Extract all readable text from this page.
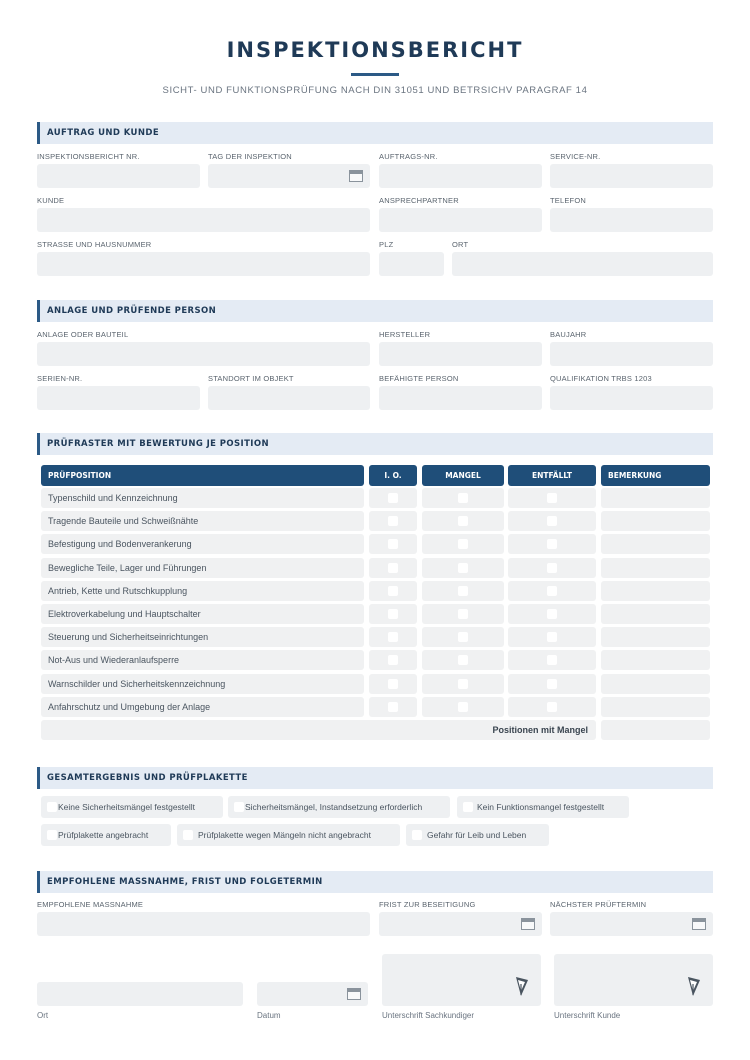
INSPEKTIONSBERICHT
SICHT- UND FUNKTIONSPRÜFUNG NACH DIN 31051 UND BETRSICHV PARAGRAF 14
AUFTRAG UND KUNDE
INSPEKTIONSBERICHT NR.	TAG DER INSPEKTION	AUFTRAGS-NR.	SERVICE-NR.
KUNDE	ANSPRECHPARTNER	TELEFON
STRASSE UND HAUSNUMMER	PLZ	ORT
ANLAGE UND PRÜFENDE PERSON
ANLAGE ODER BAUTEIL	HERSTELLER	BAUJAHR
SERIEN-NR.	STANDORT IM OBJEKT	BEFÄHIGTE PERSON	QUALIFIKATION TRBS 1203
PRÜFRASTER MIT BEWERTUNG JE POSITION
PRÜFPOSITION	I. O.	MANGEL	ENTFÄLLT	BEMERKUNG
Typenschild und Kennzeichnung
Tragende Bauteile und Schweißnähte
Befestigung und Bodenverankerung
Bewegliche Teile, Lager und Führungen
Antrieb, Kette und Rutschkupplung
Elektroverkabelung und Hauptschalter
Steuerung und Sicherheitseinrichtungen
Not-Aus und Wiederanlaufsperre
Warnschilder und Sicherheitskennzeichnung
Anfahrschutz und Umgebung der Anlage
Positionen mit Mangel
GESAMTERGEBNIS UND PRÜFPLAKETTE
Keine Sicherheitsmängel festgestellt	Sicherheitsmängel, Instandsetzung erforderlich	Kein Funktionsmangel festgestellt
Prüfplakette angebracht	Prüfplakette wegen Mängeln nicht angebracht	Gefahr für Leib und Leben
EMPFOHLENE MASSNAHME, FRIST UND FOLGETERMIN
EMPFOHLENE MASSNAHME	FRIST ZUR BESEITIGUNG	NÄCHSTER PRÜFTERMIN
Ort	Datum	Unterschrift Sachkundiger	Unterschrift Kunde
